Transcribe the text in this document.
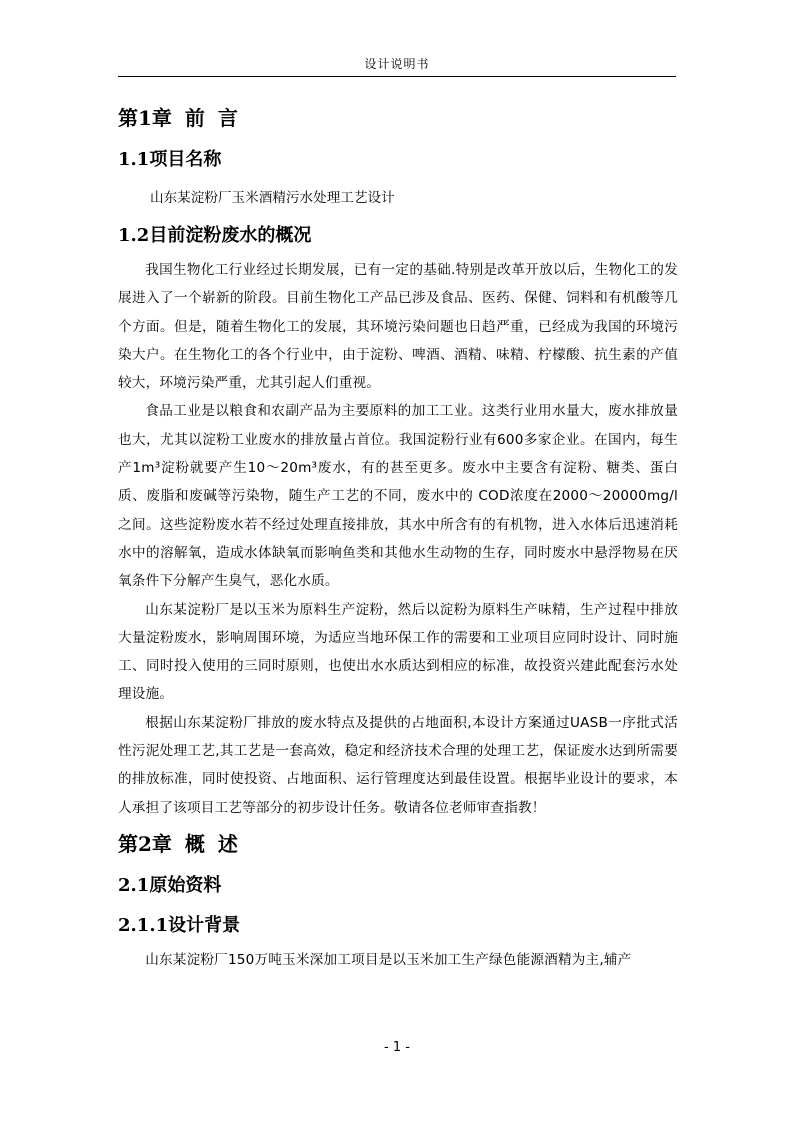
设计说明书
第1章 前 言
1.1项目名称

山东某淀粉厂玉米酒精污水处理工艺设计

1.2目前淀粉废水的概况

我国生物化工行业经过长期发展，已有一定的基础.特别是改革开放以后，生物化工的发展进入了一个崭新的阶段。目前生物化工产品已涉及食品、医药、保健、饲料和有机酸等几个方面。但是，随着生物化工的发展，其环境污染问题也日趋严重，已经成为我国的环境污染大户。在生物化工的各个行业中，由于淀粉、啤酒、酒精、味精、柠檬酸、抗生素的产值较大，环境污染严重，尤其引起人们重视。

食品工业是以粮食和农副产品为主要原料的加工工业。这类行业用水量大，废水排放量也大，尤其以淀粉工业废水的排放量占首位。我国淀粉行业有600多家企业。在国内，每生产1m³淀粉就要产生10～20m³废水，有的甚至更多。废水中主要含有淀粉、糖类、蛋白质、废脂和废碱等污染物，随生产工艺的不同，废水中的 COD浓度在2000～20000mg/l之间。这些淀粉废水若不经过处理直接排放，其水中所含有的有机物，进入水体后迅速消耗水中的溶解氧，造成水体缺氧而影响鱼类和其他水生动物的生存，同时废水中悬浮物易在厌氧条件下分解产生臭气，恶化水质。

山东某淀粉厂是以玉米为原料生产淀粉，然后以淀粉为原料生产味精，生产过程中排放大量淀粉废水，影响周围环境，为适应当地环保工作的需要和工业项目应同时设计、同时施工、同时投入使用的三同时原则，也使出水水质达到相应的标准，故投资兴建此配套污水处理设施。

根据山东某淀粉厂排放的废水特点及提供的占地面积,本设计方案通过UASB一序批式活性污泥处理工艺,其工艺是一套高效，稳定和经济技术合理的处理工艺，保证废水达到所需要的排放标准，同时使投资、占地面积、运行管理度达到最佳设置。根据毕业设计的要求，本人承担了该项目工艺等部分的初步设计任务。敬请各位老师审查指教！

第2章 概 述
2.1原始资料
2.1.1设计背景

山东某淀粉厂150万吨玉米深加工项目是以玉米加工生产绿色能源酒精为主,辅产

- 1 -
